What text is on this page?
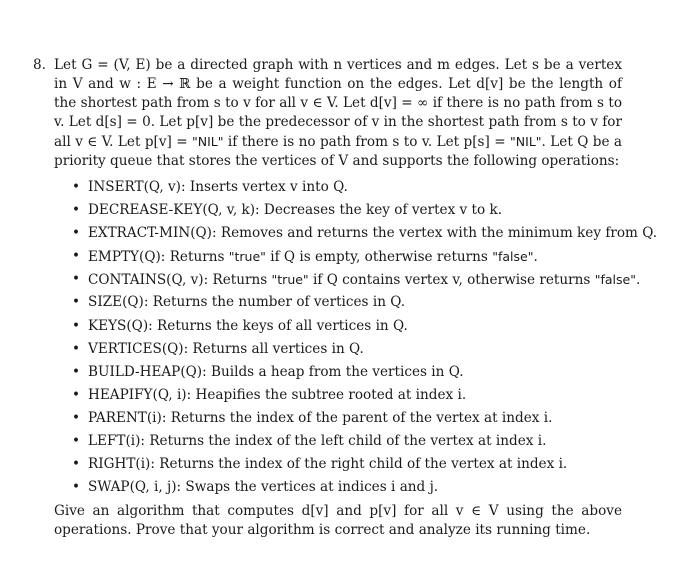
8. Let G = (V, E) be a directed graph with n vertices and m edges. Let s be a vertex in V and w : E → ℝ be a weight function on the edges. Let d[v] be the length of the shortest path from s to v for all v ∈ V. Let d[v] = ∞ if there is no path from s to v. Let d[s] = 0. Let p[v] be the predecessor of v in the shortest path from s to v for all v ∈ V. Let p[v] = "NIL" if there is no path from s to v. Let p[s] = "NIL". Let Q be a priority queue that stores the vertices of V and supports the following operations:

• INSERT(Q, v): Inserts vertex v into Q.
• DECREASE-KEY(Q, v, k): Decreases the key of vertex v to k.
• EXTRACT-MIN(Q): Removes and returns the vertex with the minimum key from Q.
• EMPTY(Q): Returns "true" if Q is empty, otherwise returns "false".
• CONTAINS(Q, v): Returns "true" if Q contains vertex v, otherwise returns "false".
• SIZE(Q): Returns the number of vertices in Q.
• KEYS(Q): Returns the keys of all vertices in Q.
• VERTICES(Q): Returns all vertices in Q.
• BUILD-HEAP(Q): Builds a heap from the vertices in Q.
• HEAPIFY(Q, i): Heapifies the subtree rooted at index i.
• PARENT(i): Returns the index of the parent of the vertex at index i.
• LEFT(i): Returns the index of the left child of the vertex at index i.
• RIGHT(i): Returns the index of the right child of the vertex at index i.
• SWAP(Q, i, j): Swaps the vertices at indices i and j.

Give an algorithm that computes d[v] and p[v] for all v ∈ V using the above operations. Prove that your algorithm is correct and analyze its running time.
